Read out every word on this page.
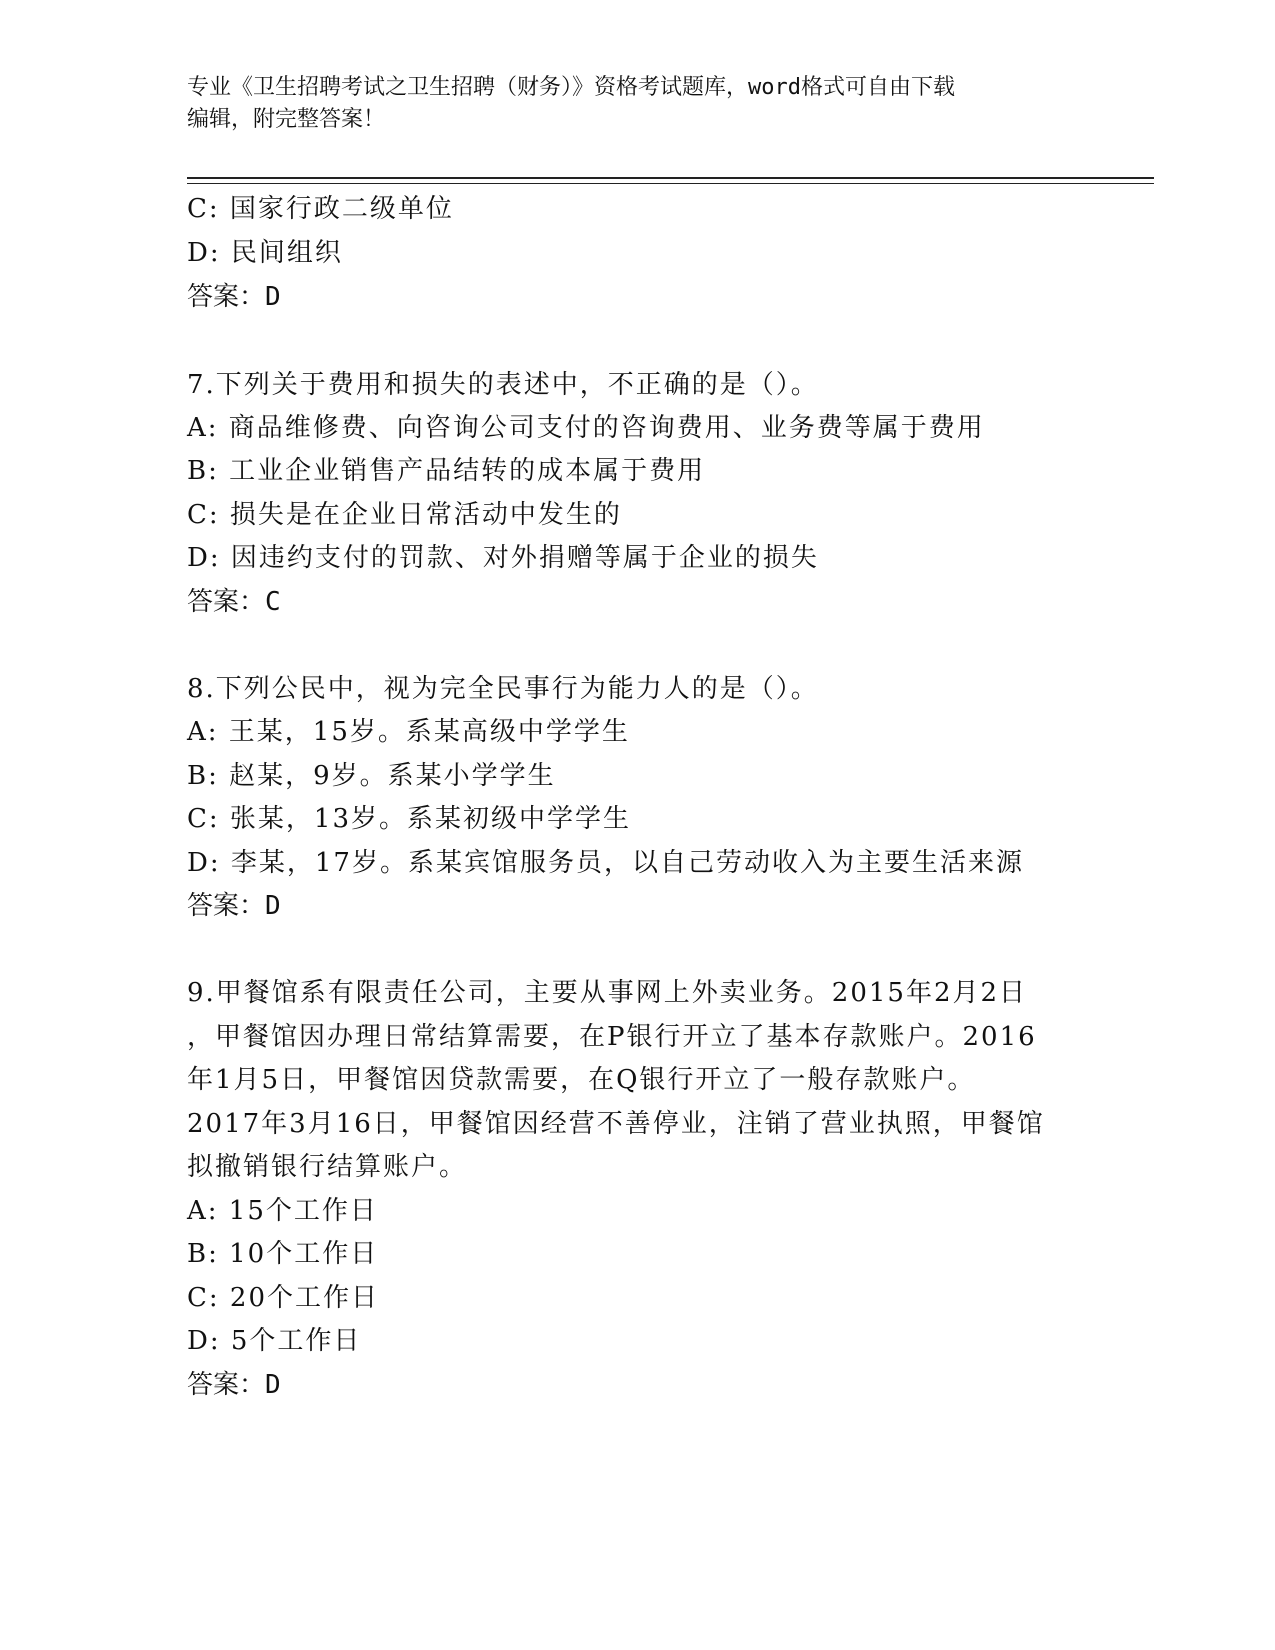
专业《卫生招聘考试之卫生招聘（财务）》资格考试题库，word格式可自由下载
编辑，附完整答案！
C: 国家行政二级单位
D: 民间组织
答案：D
7.下列关于费用和损失的表述中，不正确的是（）。
A: 商品维修费、向咨询公司支付的咨询费用、业务费等属于费用
B: 工业企业销售产品结转的成本属于费用
C: 损失是在企业日常活动中发生的
D: 因违约支付的罚款、对外捐赠等属于企业的损失
答案：C
8.下列公民中，视为完全民事行为能力人的是（）。
A: 王某，15岁。系某高级中学学生
B: 赵某，9岁。系某小学学生
C: 张某，13岁。系某初级中学学生
D: 李某，17岁。系某宾馆服务员，以自己劳动收入为主要生活来源
答案：D
9.甲餐馆系有限责任公司，主要从事网上外卖业务。2015年2月2日
，甲餐馆因办理日常结算需要，在P银行开立了基本存款账户。2016
年1月5日，甲餐馆因贷款需要，在Q银行开立了一般存款账户。
2017年3月16日，甲餐馆因经营不善停业，注销了营业执照，甲餐馆
拟撤销银行结算账户。
A: 15个工作日
B: 10个工作日
C: 20个工作日
D: 5个工作日
答案：D
